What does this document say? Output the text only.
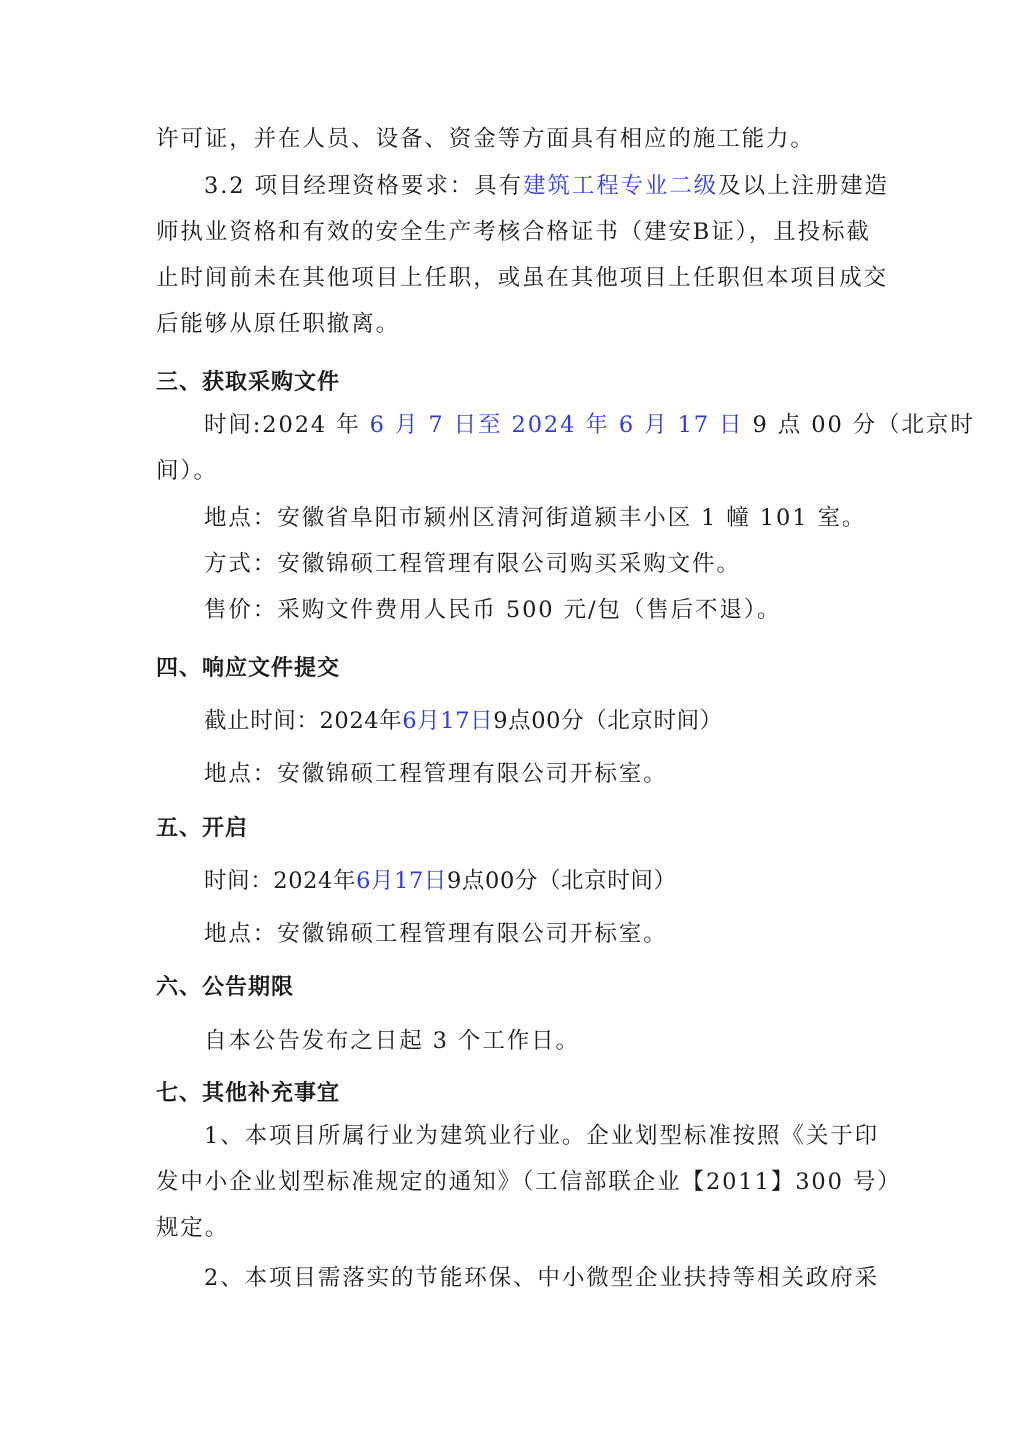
许可证，并在人员、设备、资金等方面具有相应的施工能力。
3.2 项目经理资格要求：具有建筑工程专业二级及以上注册建造
师执业资格和有效的安全生产考核合格证书（建安B证），且投标截
止时间前未在其他项目上任职，或虽在其他项目上任职但本项目成交
后能够从原任职撤离。
三、获取采购文件
时间:2024 年 6 月 7 日至 2024 年 6 月 17 日 9 点 00 分（北京时
间）。
地点：安徽省阜阳市颍州区清河街道颍丰小区 1 幢 101 室。
方式：安徽锦硕工程管理有限公司购买采购文件。
售价：采购文件费用人民币 500 元/包（售后不退）。
四、响应文件提交
截止时间：2024年6月17日9点00分（北京时间）
地点：安徽锦硕工程管理有限公司开标室。
五、开启
时间：2024年6月17日9点00分（北京时间）
地点：安徽锦硕工程管理有限公司开标室。
六、公告期限
自本公告发布之日起 3 个工作日。
七、其他补充事宜
1、本项目所属行业为建筑业行业。企业划型标准按照《关于印
发中小企业划型标准规定的通知》（工信部联企业【2011】300 号）
规定。
2、本项目需落实的节能环保、中小微型企业扶持等相关政府采
